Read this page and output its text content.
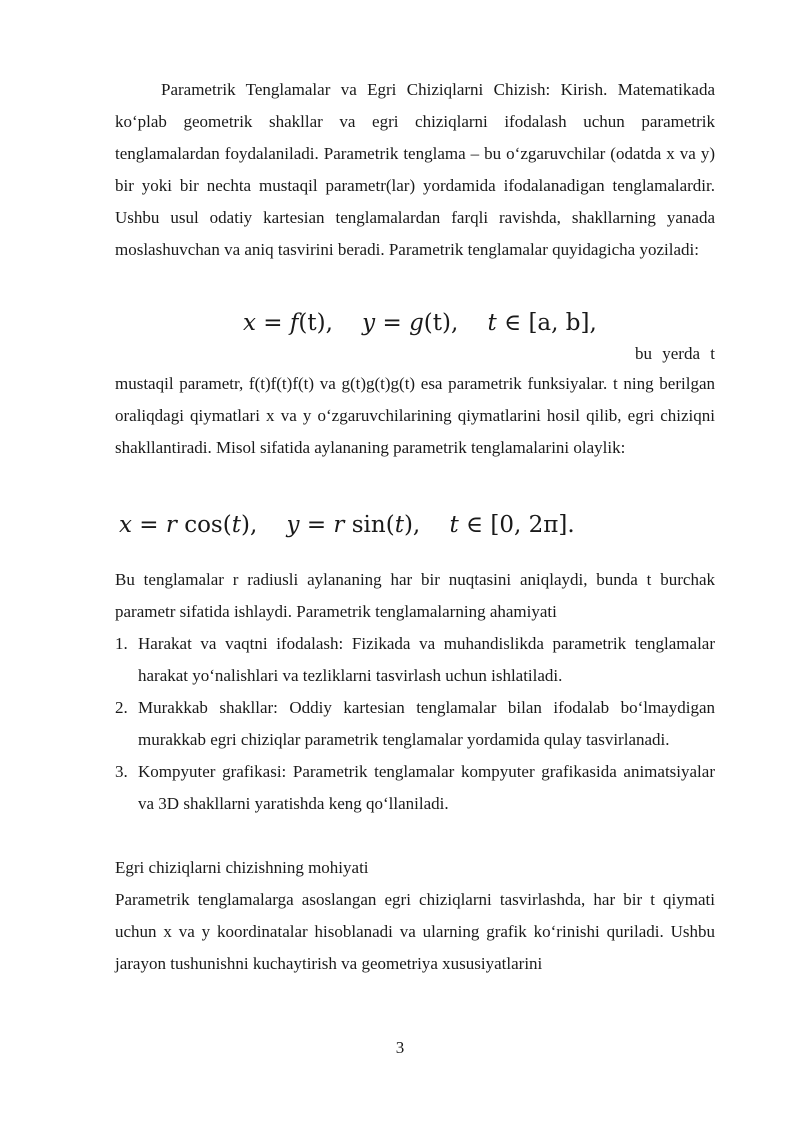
Parametrik Tenglamalar va Egri Chiziqlarni Chizish: Kirish. Matematikada ko‘plab geometrik shakllar va egri chiziqlarni ifodalash uchun parametrik tenglamalardan foydalaniladi. Parametrik tenglama – bu o‘zgaruvchilar (odatda x va y) bir yoki bir nechta mustaqil parametr(lar) yordamida ifodalanadigan tenglamalardir. Ushbu usul odatiy kartesian tenglamalardan farqli ravishda, shakllarning yanada moslashuvchan va aniq tasvirini beradi. Parametrik tenglamalar quyidagicha yoziladi:

x = f(t), y = g(t), t ∈ [a, b],

bu yerda t

mustaqil parametr, f(t)f(t)f(t) va g(t)g(t)g(t) esa parametrik funksiyalar. t ning berilgan oraliqdagi qiymatlari x va y o‘zgaruvchilarining qiymatlarini hosil qilib, egri chiziqni shakllantiradi. Misol sifatida aylananing parametrik tenglamalarini olaylik:

x = r cos(t), y = r sin(t), t ∈ [0, 2π].

Bu tenglamalar r radiusli aylananing har bir nuqtasini aniqlaydi, bunda t burchak parametr sifatida ishlaydi. Parametrik tenglamalarning ahamiyati

1. Harakat va vaqtni ifodalash: Fizikada va muhandislikda parametrik tenglamalar harakat yo‘nalishlari va tezliklarni tasvirlash uchun ishlatiladi.
2. Murakkab shakllar: Oddiy kartesian tenglamalar bilan ifodalab bo‘lmaydigan murakkab egri chiziqlar parametrik tenglamalar yordamida qulay tasvirlanadi.
3. Kompyuter grafikasi: Parametrik tenglamalar kompyuter grafikasida animatsiyalar va 3D shakllarni yaratishda keng qo‘llaniladi.

Egri chiziqlarni chizishning mohiyati

Parametrik tenglamalarga asoslangan egri chiziqlarni tasvirlashda, har bir t qiymati uchun x va y koordinatalar hisoblanadi va ularning grafik ko‘rinishi quriladi. Ushbu jarayon tushunishni kuchaytirish va geometriya xususiyatlarini

3
